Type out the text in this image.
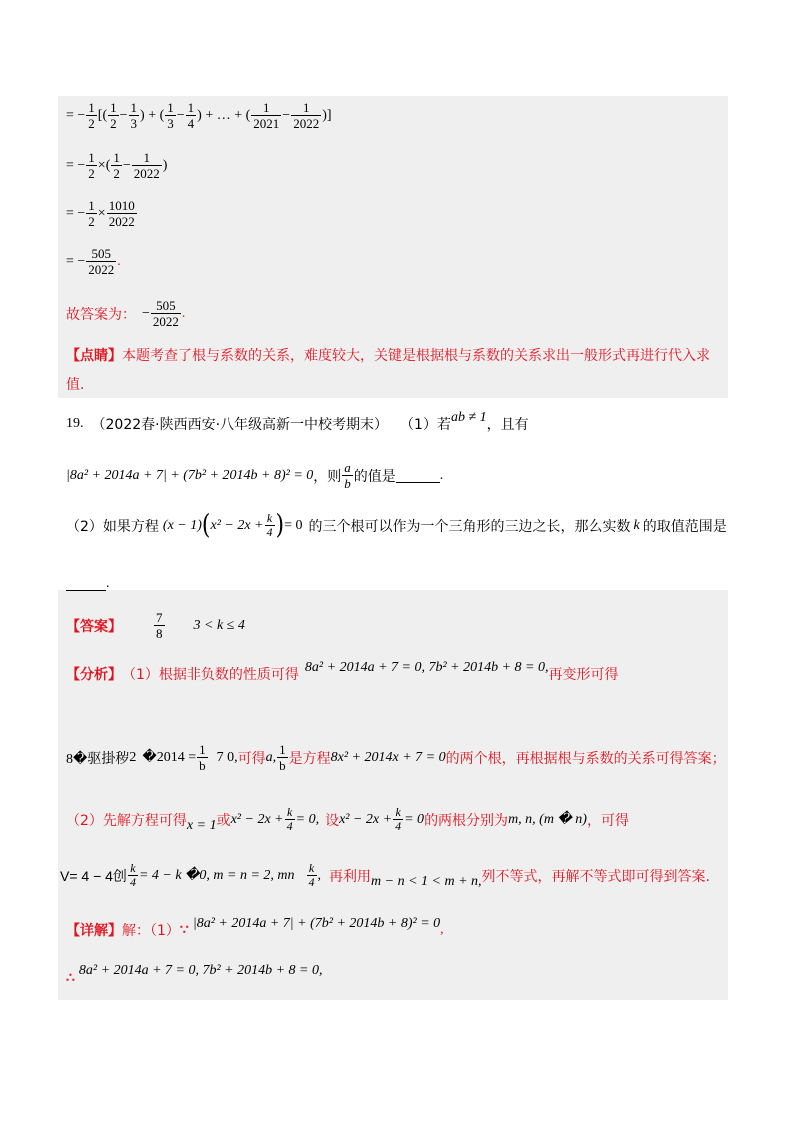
= − $\frac{1}{2}$ [( $\frac{1}{2} - \frac{1}{3}$ ) + ( $\frac{1}{3} - \frac{1}{4}$ ) + … + ( $\frac{1}{2021} - \frac{1}{2022}$ )]
= − $\frac{1}{2}$ ×( $\frac{1}{2} - \frac{1}{2022}$ )
= − $\frac{1}{2} \times \frac{1010}{2022}$
= − $\frac{505}{2022}$ .
故答案为： − $\frac{505}{2022}$ .
【点睛】本题考查了根与系数的关系，难度较大，关键是根据根与系数的关系求出一般形式再进行代入求
值.
19. （2022春·陕西西安·八年级高新一中校考期末） （1）若 ab ≠ 1 ，且有
|8a² + 2014a + 7| + (7b² + 2014b + 8)² = 0 ，则 $\frac{a}{b}$ 的值是	.
（2）如果方程 (x − 1) ( $x^2 - 2x + \frac{k}{4}$ ) = 0 的三个根可以作为一个三角形的三边之长，那么实数 k 的取值范围是
.
【答案】 $\frac{7}{8} 3 < k \le 4$
【分析】 （1）根据非负数的性质可得 8a² + 2014a + 7 = 0, 7b² + 2014b + 8 = 0, 再变形可得
8�驱掛秽 2 �2014 = $\frac{1}{b} 7$ 0, 可得 a, $\frac{1}{b}$ 是方程 8x² + 2014x + 7 = 0 的两个根，再根据根与系数的关系可得答案；
（2）先解方程可得 x = 1 或 $x^2 - 2x + \frac{k}{4} = 0$, 设 $x^2 - 2x + \frac{k}{4} = 0$ 的两根分别为 m, n, (m � n) ，可得
V= 4 − 4创 $\frac{k}{4} = 4 - k$ �0, m = n = 2, mn $\frac{k}{4}$ , 再利用 m − n < 1 < m + n, 列不等式，再解不等式即可得到答案.
【详解】 解：（1） ∵ |8a² + 2014a + 7| + (7b² + 2014b + 8)² = 0 ,
∴
8a² + 2014a + 7 = 0, 7b² + 2014b + 8 = 0,
